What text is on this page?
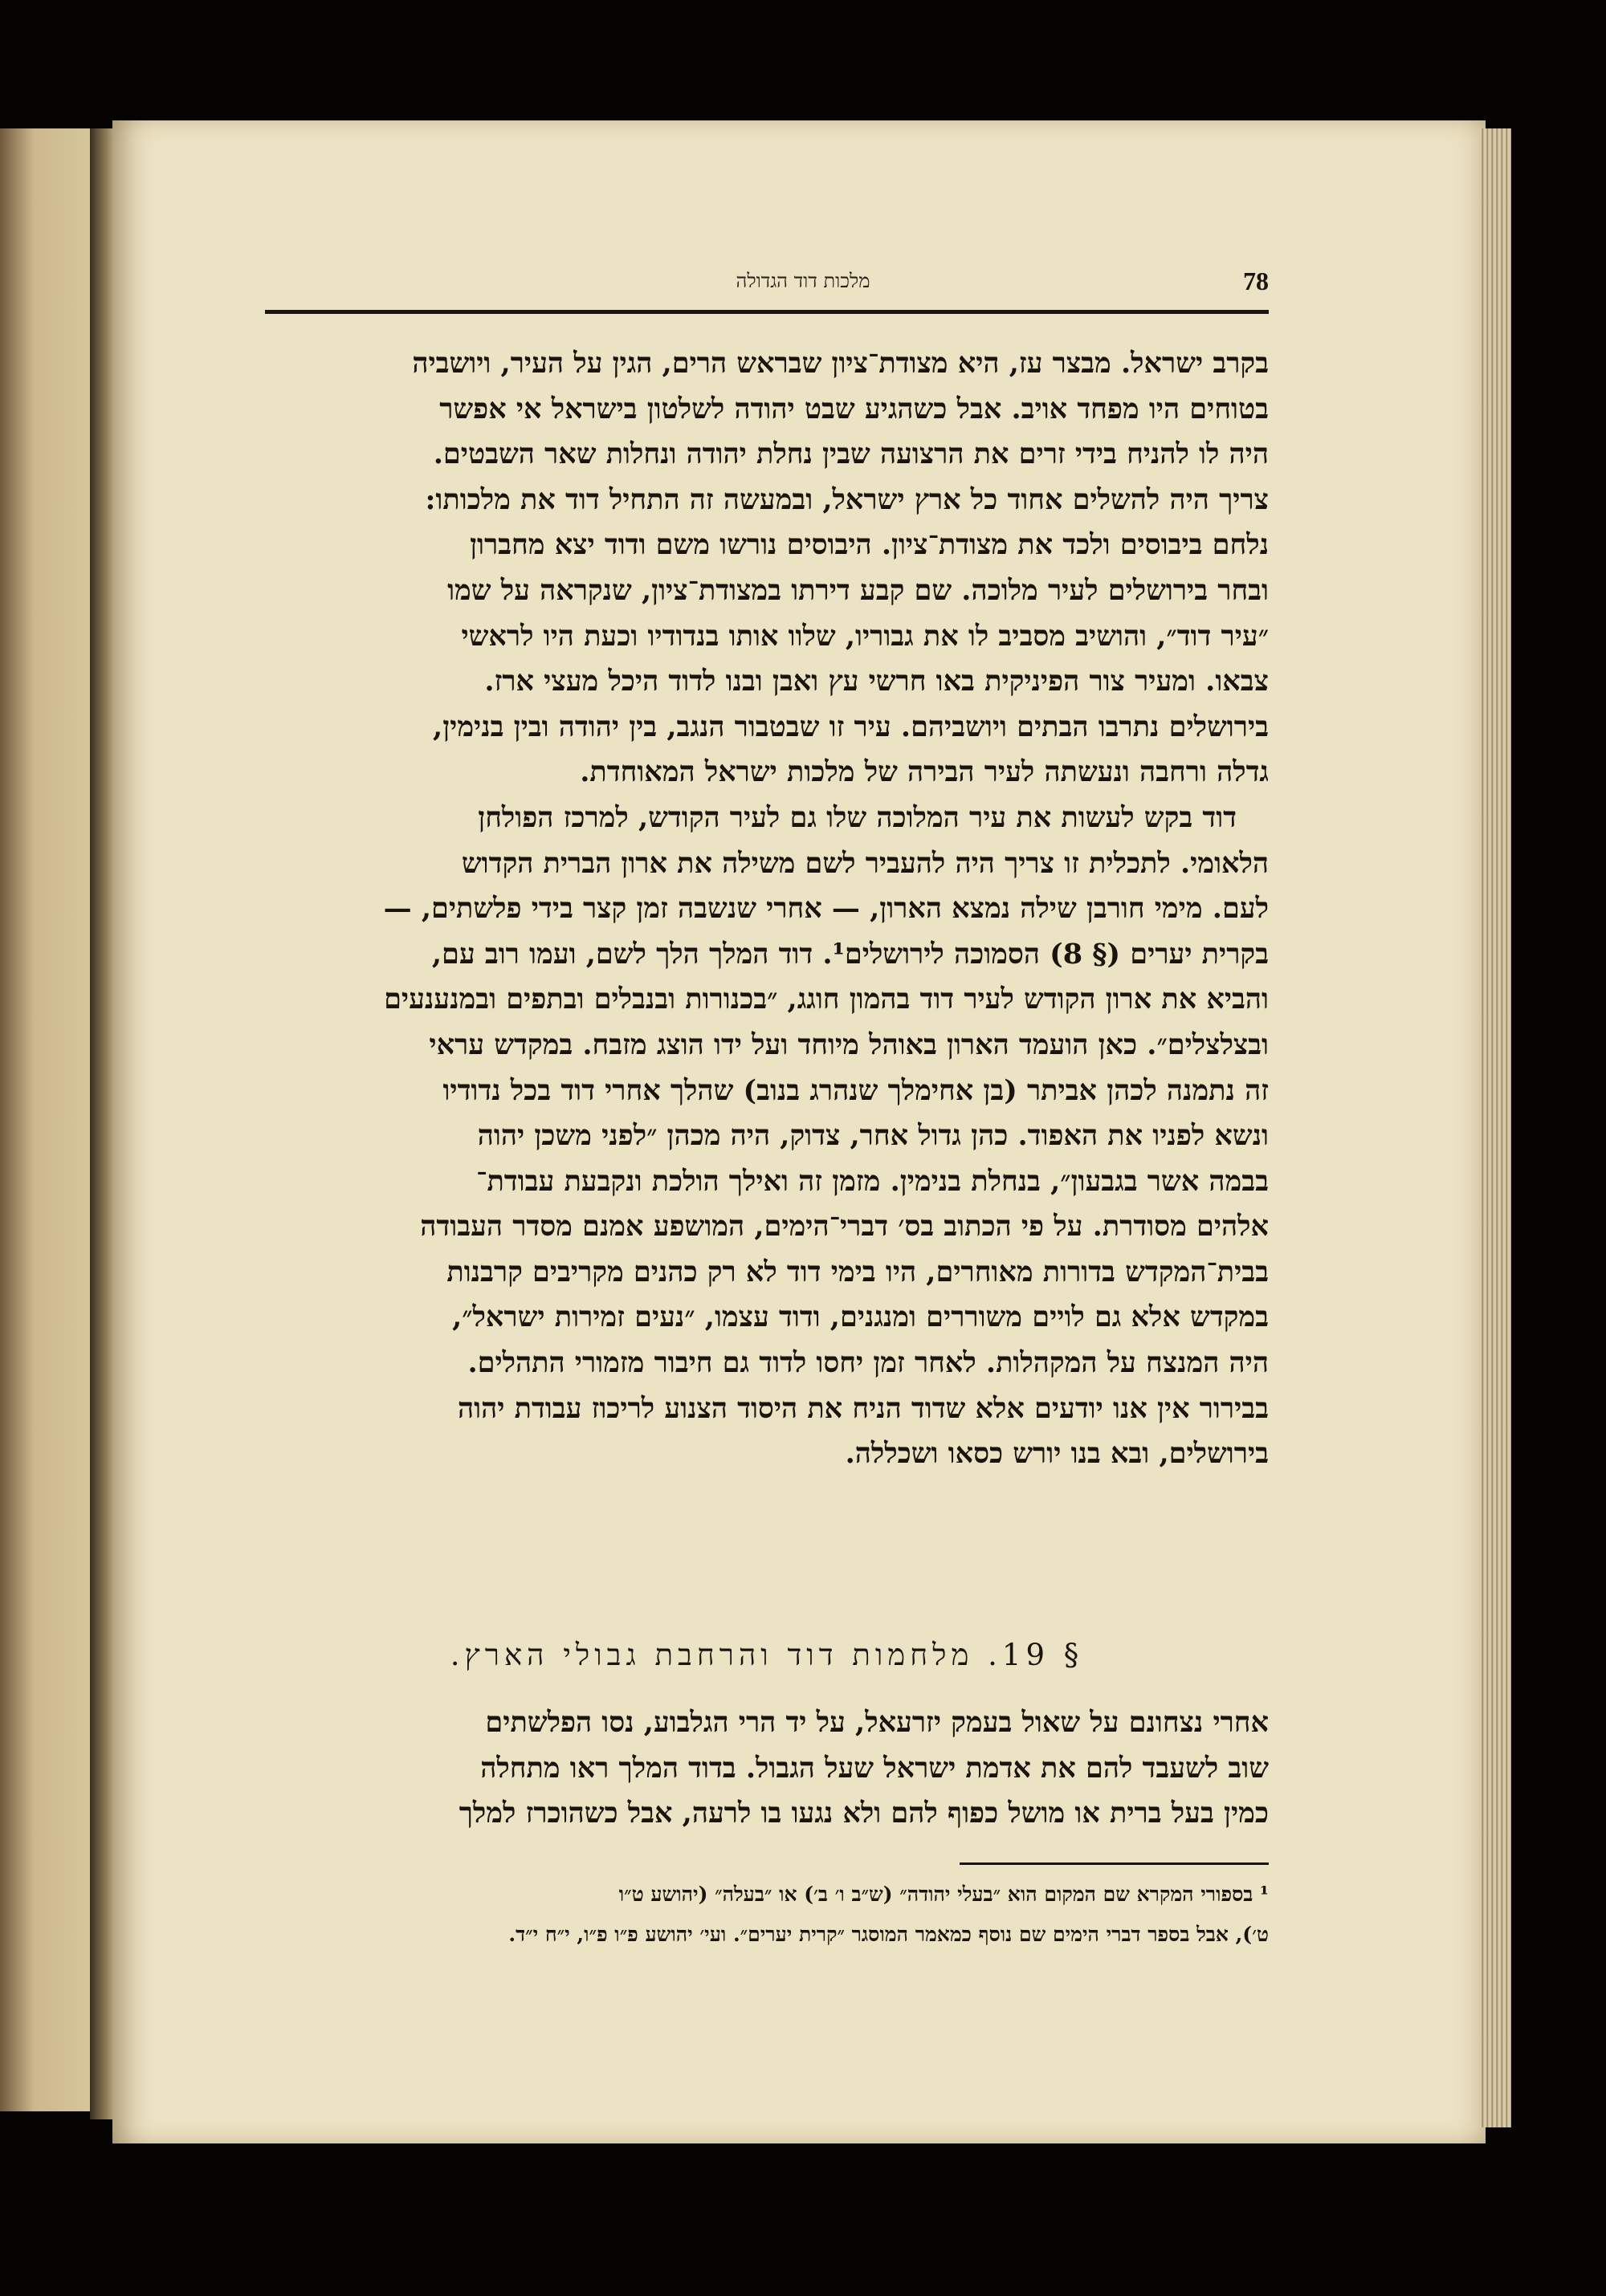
78
מלכות דוד הגדולה
בקרב ישראל. מבצר עז, היא מצודת־ציון שבראש הרים, הגין על העיר, ויושביה
בטוחים היו מפחד אויב. אבל כשהגיע שבט יהודה לשלטון בישראל אי אפשר
היה לו להניח בידי זרים את הרצועה שבין נחלת יהודה ונחלות שאר השבטים.
צריך היה להשלים אחוד כל ארץ ישראל, ובמעשה זה התחיל דוד את מלכותו:
נלחם ביבוסים ולכד את מצודת־ציון. היבוסים נורשו משם ודוד יצא מחברון
ובחר בירושלים לעיר מלוכה. שם קבע דירתו במצודת־ציון, שנקראה על שמו
״עיר דוד״, והושיב מסביב לו את גבוריו, שלוו אותו בנדודיו וכעת היו לראשי
צבאו. ומעיר צור הפיניקית באו חרשי עץ ואבן ובנו לדוד היכל מעצי ארז.
בירושלים נתרבו הבתים ויושביהם. עיר זו שבטבור הנגב, בין יהודה ובין בנימין,
גדלה ורחבה ונעשתה לעיר הבירה של מלכות ישראל המאוחדת.
דוד בקש לעשות את עיר המלוכה שלו גם לעיר הקודש, למרכז הפולחן
הלאומי. לתכלית זו צריך היה להעביר לשם משילה את ארון הברית הקדוש
לעם. מימי חורבן שילה נמצא הארון, — אחרי שנשבה זמן קצר בידי פלשתים, —
בקרית יערים (§ 8) הסמוכה לירושלים¹. דוד המלך הלך לשם, ועמו רוב עם,
והביא את ארון הקודש לעיר דוד בהמון חוגג, ״בכנורות ובנבלים ובתפים ובמנענעים
ובצלצלים״. כאן הועמד הארון באוהל מיוחד ועל ידו הוצג מזבח. במקדש עראי
זה נתמנה לכהן אביתר (בן אחימלך שנהרג בנוב) שהלך אחרי דוד בכל נדודיו
ונשא לפניו את האפוד. כהן גדול אחר, צדוק, היה מכהן ״לפני משכן יהוה
בבמה אשר בגבעון״, בנחלת בנימין. מזמן זה ואילך הולכת ונקבעת עבודת־
אלהים מסודרת. על פי הכתוב בס׳ דברי־הימים, המושפע אמנם מסדר העבודה
בבית־המקדש בדורות מאוחרים, היו בימי דוד לא רק כהנים מקריבים קרבנות
במקדש אלא גם לויים משוררים ומנגנים, ודוד עצמו, ״נעים זמירות ישראל״,
היה המנצח על המקהלות. לאחר זמן יחסו לדוד גם חיבור מזמורי התהלים.
בבירור אין אנו יודעים אלא שדוד הניח את היסוד הצנוע לריכוז עבודת יהוה
בירושלים, ובא בנו יורש כסאו ושכללה.
§ 19. מלחמות דוד והרחבת גבולי הארץ.
אחרי נצחונם על שאול בעמק יזרעאל, על יד הרי הגלבוע, נסו הפלשתים
שוב לשעבד להם את אדמת ישראל שעל הגבול. בדוד המלך ראו מתחלה
כמין בעל ברית או מושל כפוף להם ולא נגעו בו לרעה, אבל כשהוכרז למלך
¹ בספורי המקרא שם המקום הוא ״בעלי יהודה״ (ש״ב ו׳ ב׳) או ״בעלה״ (יהושע ט״ו
ט׳), אבל בספר דברי הימים שם נוסף כמאמר המוסגר ״קרית יערים״. ועי׳ יהושע פ״ו פ״ו, י״ח י״ד.
